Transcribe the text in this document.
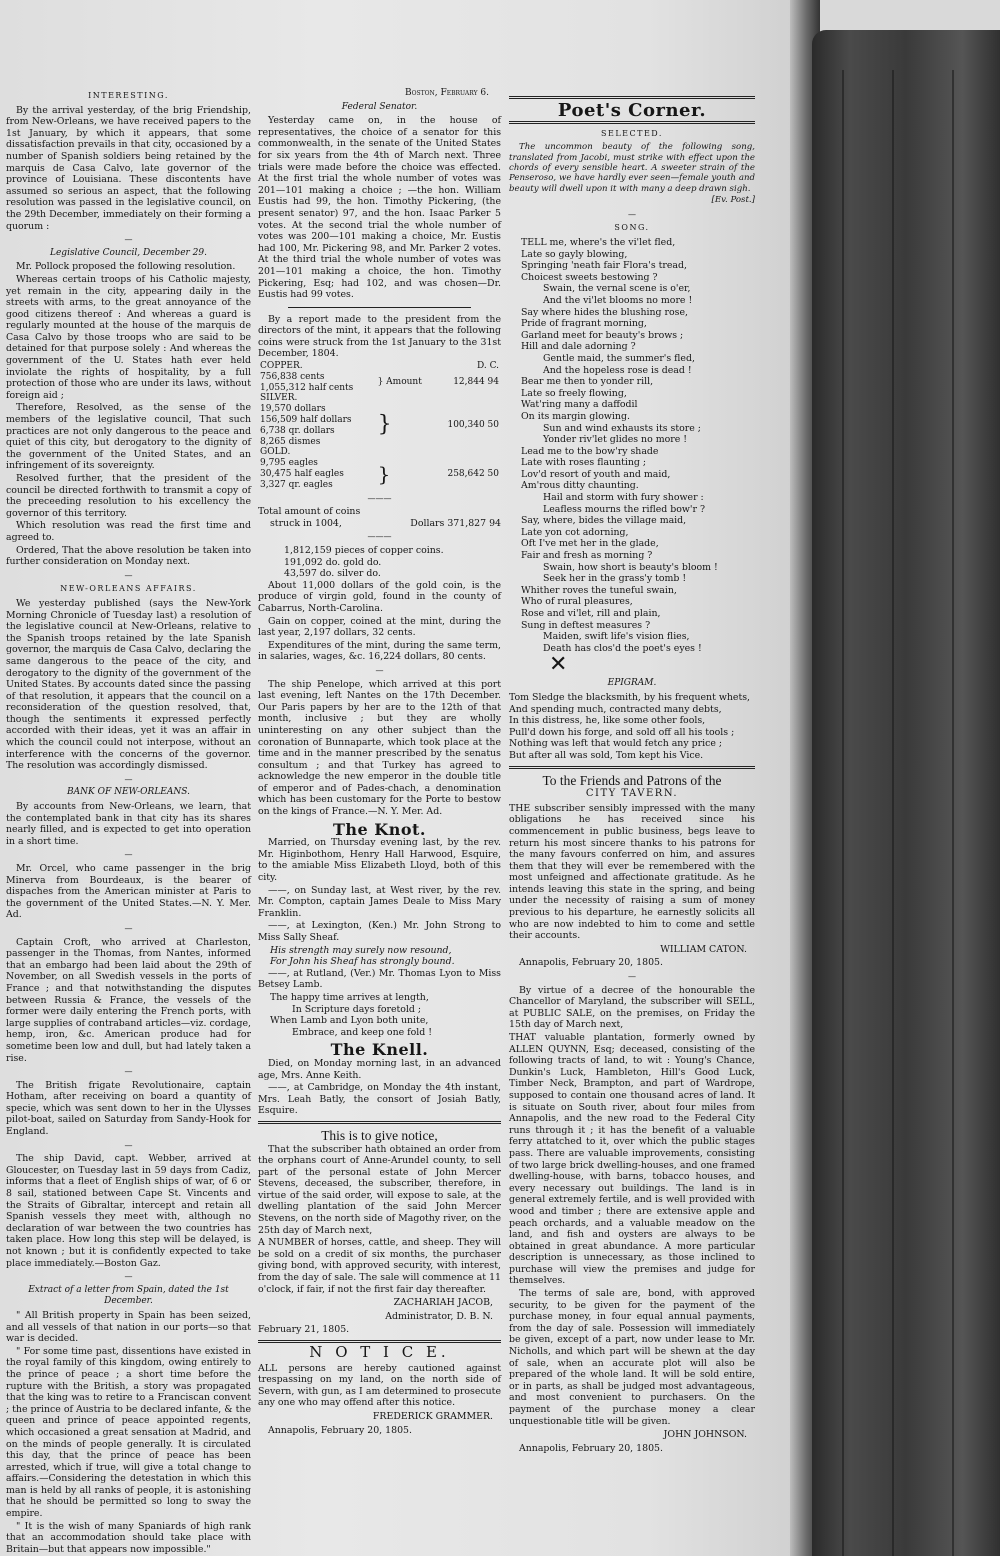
INTERESTING.

By the arrival yesterday, of the brig Friendship, from New-Orleans, we have received papers to the 1st January, by which it appears, that some dissatisfaction prevails in that city, occasioned by a number of Spanish soldiers being retained by the marquis de Casa Calvo, late governor of the province of Louisiana. These discontents have assumed so serious an aspect, that the following resolution was passed in the legislative council, on the 29th December, immediately on their forming a quorum :

—
Legislative Council, December 29.

Mr. Pollock proposed the following resolution.

Whereas certain troops of his Catholic majesty, yet remain in the city, appearing daily in the streets with arms, to the great annoyance of the good citizens thereof : And whereas a guard is regularly mounted at the house of the marquis de Casa Calvo by those troops who are said to be detained for that purpose solely : And whereas the government of the U. States hath ever held inviolate the rights of hospitality, by a full protection of those who are under its laws, without foreign aid ;

Therefore, Resolved, as the sense of the members of the legislative council, That such practices are not only dangerous to the peace and quiet of this city, but derogatory to the dignity of the government of the United States, and an infringement of its sovereignty.

Resolved further, that the president of the council be directed forthwith to transmit a copy of the preceeding resolution to his excellency the governor of this territory.

Which resolution was read the first time and agreed to.

Ordered, That the above resolution be taken into further consideration on Monday next.

—
NEW-ORLEANS AFFAIRS.

We yesterday published (says the New-York Morning Chronicle of Tuesday last) a resolution of the legislative council at New-Orleans, relative to the Spanish troops retained by the late Spanish governor, the marquis de Casa Calvo, declaring the same dangerous to the peace of the city, and derogatory to the dignity of the government of the United States. By accounts dated since the passing of that resolution, it appears that the council on a reconsideration of the question resolved, that, though the sentiments it expressed perfectly accorded with their ideas, yet it was an affair in which the council could not interpose, without an interference with the concerns of the governor. The resolution was accordingly dismissed.

—
BANK OF NEW-ORLEANS.

By accounts from New-Orleans, we learn, that the contemplated bank in that city has its shares nearly filled, and is expected to get into operation in a short time.

—

Mr. Orcel, who came passenger in the brig Minerva from Bourdeaux, is the bearer of dispaches from the American minister at Paris to the government of the United States.—N. Y. Mer. Ad.

—

Captain Croft, who arrived at Charleston, passenger in the Thomas, from Nantes, informed that an embargo had been laid about the 29th of November, on all Swedish vessels in the ports of France ; and that notwithstanding the disputes between Russia & France, the vessels of the former were daily entering the French ports, with large supplies of contraband articles—viz. cordage, hemp, iron, &c. American produce had for sometime been low and dull, but had lately taken a rise.

—

The British frigate Revolutionaire, captain Hotham, after receiving on board a quantity of specie, which was sent down to her in the Ulysses pilot-boat, sailed on Saturday from Sandy-Hook for England.

—

The ship David, capt. Webber, arrived at Gloucester, on Tuesday last in 59 days from Cadiz, informs that a fleet of English ships of war, of 6 or 8 sail, stationed between Cape St. Vincents and the Straits of Gibraltar, intercept and retain all Spanish vessels they meet with, although no declaration of war between the two countries has taken place. How long this step will be delayed, is not known ; but it is confidently expected to take place immediately.—Boston Gaz.

—
Extract of a letter from Spain, dated the 1st December.

" All British property in Spain has been seized, and all vessels of that nation in our ports—so that war is decided.

" For some time past, dissentions have existed in the royal family of this kingdom, owing entirely to the prince of peace ; a short time before the rupture with the British, a story was propagated that the king was to retire to a Franciscan convent ; the prince of Austria to be declared infante, & the queen and prince of peace appointed regents, which occasioned a great sensation at Madrid, and on the minds of people generally. It is circulated this day, that the prince of peace has been arrested, which if true, will give a total change to affairs.—Considering the detestation in which this man is held by all ranks of people, it is astonishing that he should be permitted so long to sway the empire.

" It is the wish of many Spaniards of high rank that an accommodation should take place with Britain—but that appears now impossible."

Boston, February 6.
Federal Senator.

Yesterday came on, in the house of representatives, the choice of a senator for this commonwealth, in the senate of the United States for six years from the 4th of March next. Three trials were made before the choice was effected. At the first trial the whole number of votes was 201—101 making a choice ; —the hon. William Eustis had 99, the hon. Timothy Pickering, (the present senator) 97, and the hon. Isaac Parker 5 votes. At the second trial the whole number of votes was 200—101 making a choice, Mr. Eustis had 100, Mr. Pickering 98, and Mr. Parker 2 votes. At the third trial the whole number of votes was 201—101 making a choice, the hon. Timothy Pickering, Esq; had 102, and was chosen—Dr. Eustis had 99 votes.

By a report made to the president from the directors of the mint, it appears that the following coins were struck from the 1st January to the 31st December, 1804.

COPPER.		D. C.
756,838 cents	} Amount	12,844 94
1,055,312 half cents		
SILVER.		
19,570 dollars	}	100,340 50
156,509 half dollars		
6,738 qr. dollars		
8,265 dismes		
GOLD.		
9,795 eagles	}	258,642 50
30,475 half eagles		
3,327 qr. eagles		
———
Total amount of coins
struck in 1004,	Dollars 371,827 94
———
1,812,159 pieces of copper coins.
191,092 do. gold do.
43,597 do. silver do.

About 11,000 dollars of the gold coin, is the produce of virgin gold, found in the county of Cabarrus, North-Carolina.

Gain on copper, coined at the mint, during the last year, 2,197 dollars, 32 cents.

Expenditures of the mint, during the same term, in salaries, wages, &c. 16,224 dollars, 80 cents.

—

The ship Penelope, which arrived at this port last evening, left Nantes on the 17th December. Our Paris papers by her are to the 12th of that month, inclusive ; but they are wholly uninteresting on any other subject than the coronation of Bunnaparte, which took place at the time and in the manner prescribed by the senatus consultum ; and that Turkey has agreed to acknowledge the new emperor in the double title of emperor and of Pades-chach, a denomination which has been customary for the Porte to bestow on the kings of France.—N. Y. Mer. Ad.

The Knot.

Married, on Thursday evening last, by the rev. Mr. Higinbothom, Henry Hall Harwood, Esquire, to the amiable Miss Elizabeth Lloyd, both of this city.

——, on Sunday last, at West river, by the rev. Mr. Compton, captain James Deale to Miss Mary Franklin.

——, at Lexington, (Ken.) Mr. John Strong to Miss Sally Sheaf.

His strength may surely now resound,
For John his Sheaf has strongly bound.

——, at Rutland, (Ver.) Mr. Thomas Lyon to Miss Betsey Lamb.

The happy time arrives at length,
In Scripture days foretold ;
When Lamb and Lyon both unite,
Embrace, and keep one fold !
The Knell.

Died, on Monday morning last, in an advanced age, Mrs. Anne Keith.

——, at Cambridge, on Monday the 4th instant, Mrs. Leah Batly, the consort of Josiah Batly, Esquire.

This is to give notice,

That the subscriber hath obtained an order from the orphans court of Anne-Arundel county, to sell part of the personal estate of John Mercer Stevens, deceased, the subscriber, therefore, in virtue of the said order, will expose to sale, at the dwelling plantation of the said John Mercer Stevens, on the north side of Magothy river, on the 25th day of March next,

A NUMBER of horses, cattle, and sheep. They will be sold on a credit of six months, the purchaser giving bond, with approved security, with interest, from the day of sale. The sale will commence at 11 o'clock, if fair, if not the first fair day thereafter.

ZACHARIAH JACOB,
Administrator, D. B. N.
February 21, 1805.
N O T I C E.

ALL persons are hereby cautioned against trespassing on my land, on the north side of Severn, with gun, as I am determined to prosecute any one who may offend after this notice.

FREDERICK GRAMMER.
Annapolis, February 20, 1805.
Poet's Corner.
SELECTED.

The uncommon beauty of the following song, translated from Jacobi, must strike with effect upon the chords of every sensible heart. A sweeter strain of the Penseroso, we have hardly ever seen—female youth and beauty will dwell upon it with many a deep drawn sigh.

[Ev. Post.]
—
SONG.
TELL me, where's the vi'let fled,
Late so gayly blowing,
Springing 'neath fair Flora's tread,
Choicest sweets bestowing ?
Swain, the vernal scene is o'er,
And the vi'let blooms no more !
Say where hides the blushing rose,
Pride of fragrant morning,
Garland meet for beauty's brows ;
Hill and dale adorning ?
Gentle maid, the summer's fled,
And the hopeless rose is dead !
Bear me then to yonder rill,
Late so freely flowing,
Wat'ring many a daffodil
On its margin glowing.
Sun and wind exhausts its store ;
Yonder riv'let glides no more !
Lead me to the bow'ry shade
Late with roses flaunting ;
Lov'd resort of youth and maid,
Am'rous ditty chaunting.
Hail and storm with fury shower :
Leafless mourns the rifled bow'r ?
Say, where, bides the village maid,
Late yon cot adorning,
Oft I've met her in the glade,
Fair and fresh as morning ?
Swain, how short is beauty's bloom !
Seek her in the grass'y tomb !
Whither roves the tuneful swain,
Who of rural pleasures,
Rose and vi'let, rill and plain,
Sung in deftest measures ?
Maiden, swift life's vision flies,
Death has clos'd the poet's eyes !
✕
EPIGRAM.
Tom Sledge the blacksmith, by his frequent whets,
And spending much, contracted many debts,
In this distress, he, like some other fools,
Pull'd down his forge, and sold off all his tools ;
Nothing was left that would fetch any price ;
But after all was sold, Tom kept his Vice.
To the Friends and Patrons of the
CITY TAVERN.

THE subscriber sensibly impressed with the many obligations he has received since his commencement in public business, begs leave to return his most sincere thanks to his patrons for the many favours conferred on him, and assures them that they will ever be remembered with the most unfeigned and affectionate gratitude. As he intends leaving this state in the spring, and being under the necessity of raising a sum of money previous to his departure, he earnestly solicits all who are now indebted to him to come and settle their accounts.

WILLIAM CATON.
Annapolis, February 20, 1805.
—

By virtue of a decree of the honourable the Chancellor of Maryland, the subscriber will SELL, at PUBLIC SALE, on the premises, on Friday the 15th day of March next,

THAT valuable plantation, formerly owned by ALLEN QUYNN, Esq; deceased, consisting of the following tracts of land, to wit : Young's Chance, Dunkin's Luck, Hambleton, Hill's Good Luck, Timber Neck, Brampton, and part of Wardrope, supposed to contain one thousand acres of land. It is situate on South river, about four miles from Annapolis, and the new road to the Federal City runs through it ; it has the benefit of a valuable ferry attatched to it, over which the public stages pass. There are valuable improvements, consisting of two large brick dwelling-houses, and one framed dwelling-house, with barns, tobacco houses, and every necessary out buildings. The land is in general extremely fertile, and is well provided with wood and timber ; there are extensive apple and peach orchards, and a valuable meadow on the land, and fish and oysters are always to be obtained in great abundance. A more particular description is unnecessary, as those inclined to purchase will view the premises and judge for themselves.

The terms of sale are, bond, with approved security, to be given for the payment of the purchase money, in four equal annual payments, from the day of sale. Possession will immediately be given, except of a part, now under lease to Mr. Nicholls, and which part will be shewn at the day of sale, when an accurate plot will also be prepared of the whole land. It will be sold entire, or in parts, as shall be judged most advantageous, and most convenient to purchasers. On the payment of the purchase money a clear unquestionable title will be given.

JOHN JOHNSON.
Annapolis, February 20, 1805.
